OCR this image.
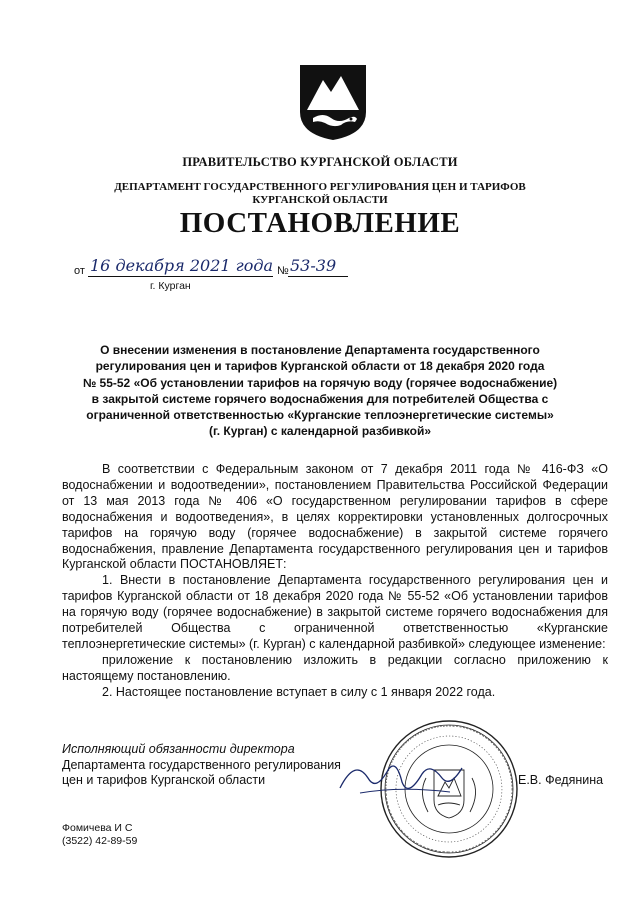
ПРАВИТЕЛЬСТВО КУРГАНСКОЙ ОБЛАСТИ
ДЕПАРТАМЕНТ ГОСУДАРСТВЕННОГО РЕГУЛИРОВАНИЯ ЦЕН И ТАРИФОВ
КУРГАНСКОЙ ОБЛАСТИ
ПОСТАНОВЛЕНИЕ
от 16 декабря 2021 года № 53-39
г. Курган
О внесении изменения в постановление Департамента государственного
регулирования цен и тарифов Курганской области от 18 декабря 2020 года
№ 55-52 «Об установлении тарифов на горячую воду (горячее водоснабжение)
в закрытой системе горячего водоснабжения для потребителей Общества с
ограниченной ответственностью «Курганские теплоэнергетические системы»
(г. Курган) с календарной разбивкой»

В соответствии с Федеральным законом от 7 декабря 2011 года № 416-ФЗ «О водоснабжении и водоотведении», постановлением Правительства Российской Федерации от 13 мая 2013 года № 406 «О государственном регулировании тарифов в сфере водоснабжения и водоотведения», в целях корректировки установленных долгосрочных тарифов на горячую воду (горячее водоснабжение) в закрытой системе горячего водоснабжения, правление Департамента государственного регулирования цен и тарифов Курганской области ПОСТАНОВЛЯЕТ:

1. Внести в постановление Департамента государственного регулирования цен и тарифов Курганской области от 18 декабря 2020 года № 55-52 «Об установлении тарифов на горячую воду (горячее водоснабжение) в закрытой системе горячего водоснабжения для потребителей Общества с ограниченной ответственностью «Курганские теплоэнергетические системы» (г. Курган) с календарной разбивкой» следующее изменение:

приложение к постановлению изложить в редакции согласно приложению к настоящему постановлению.

2. Настоящее постановление вступает в силу с 1 января 2022 года.

Исполняющий обязанности директора
Департамента государственного регулирования
цен и тарифов Курганской области	Е.В. Федянина
Фомичева И С
(3522) 42-89-59
